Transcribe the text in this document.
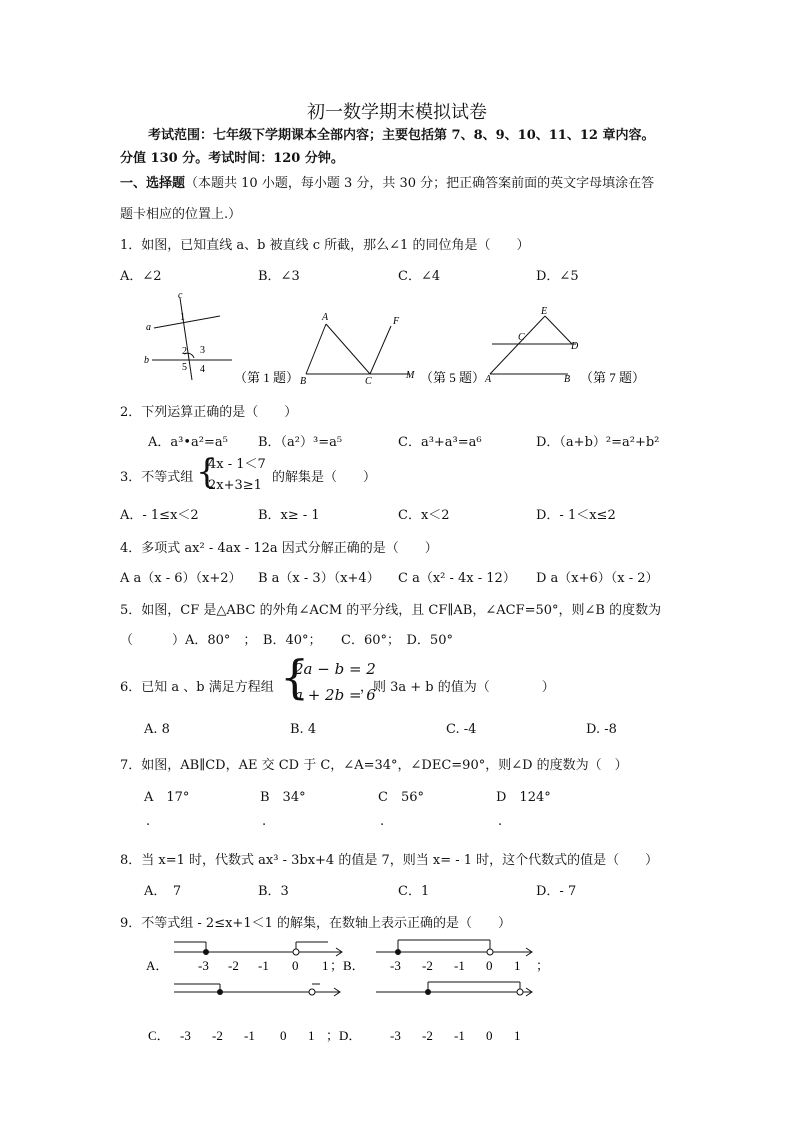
初一数学期末模拟试卷
考试范围：七年级下学期课本全部内容；主要包括第 7、8、9、10、11、12 章内容。
分值 130 分。考试时间：120 分钟。
一、选择题（本题共 10 小题，每小题 3 分，共 30 分；把正确答案前面的英文字母填涂在答
题卡相应的位置上.）
1．如图，已知直线 a、b 被直线 c 所截，那么∠1 的同位角是（　　）
A．∠2	B．∠3	C．∠4	D．∠5
c
a
b
1
2 3
4
5
（第 1 题）
A
B	C
F
M （第 5 题）
E
C
D
A	B （第 7 题）
2．下列运算正确的是（　　）
A．a³•a²=a⁵ B．（a²）³=a⁵	C．a³+a³=a⁶	D．（a+b）²=a²+b²
3．不等式组 {
4x - 1＜7
2x+3≥1
的解集是（　　）
A．- 1≤x＜2	B．x≥ - 1	C．x＜2	D．- 1＜x≤2
4．多项式 ax² - 4ax - 12a 因式分解正确的是（　　）
A a（x - 6）（x+2） B a（x - 3）（x+4） C a（x² - 4x - 12） D a（x+6）（x - 2）
5．如图，CF 是△ABC 的外角∠ACM 的平分线，且 CF∥AB，∠ACF=50°，则∠B 的度数为
（　　　）A．80°　；　B．40°；　　C．60°；　D．50°
6．已知 a 、b 满足方程组 {
2a − b = 2
a + 2b = 6
，则 3a + b 的值为（　　　　）
A. 8	B. 4	C. -4	D. -8
7．如图，AB∥CD，AE 交 CD 于 C，∠A=34°，∠DEC=90°，则∠D 的度数为（　）
A　17°	B　34°	C　56°	D　124°
.	.	.	.
8．当 x=1 时，代数式 ax³ - 3bx+4 的值是 7，则当 x= - 1 时，这个代数式的值是（　　）
A．　7	B．3	C．1	D．- 7
9．不等式组 - 2≤x+1＜1 的解集，在数轴上表示正确的是（　　）
A．	；B．	；
C．	；D．
-3 -2 -1 0 1	-3 -2 -1 0 1
-3 -2 -1 0 1	-3 -2 -1 0 1
